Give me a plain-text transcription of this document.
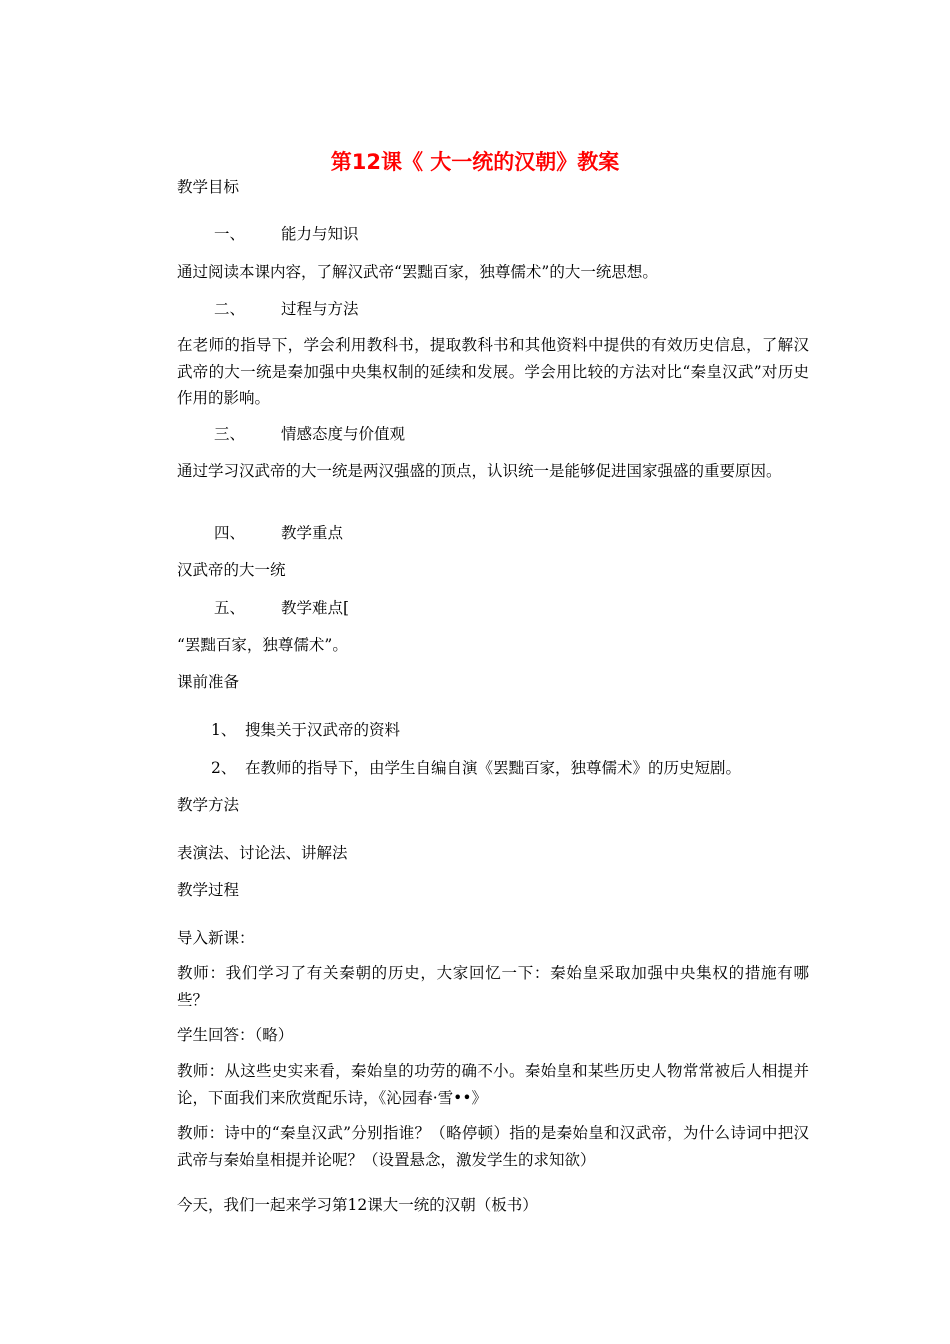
第12课《 大一统的汉朝》教案

教学目标

一、 能力与知识

通过阅读本课内容，了解汉武帝“罢黜百家，独尊儒术”的大一统思想。

二、 过程与方法

在老师的指导下，学会利用教科书，提取教科书和其他资料中提供的有效历史信息，了解汉武帝的大一统是秦加强中央集权制的延续和发展。学会用比较的方法对比“秦皇汉武”对历史作用的影响。

三、 情感态度与价值观

通过学习汉武帝的大一统是两汉强盛的顶点，认识统一是能够促进国家强盛的重要原因。

四、 教学重点

汉武帝的大一统

五、 教学难点[

“罢黜百家，独尊儒术”。

课前准备

1、 搜集关于汉武帝的资料
2、 在教师的指导下，由学生自编自演《罢黜百家，独尊儒术》的历史短剧。

教学方法

表演法、讨论法、讲解法

教学过程

导入新课：

教师：我们学习了有关秦朝的历史，大家回忆一下：秦始皇采取加强中央集权的措施有哪些？

学生回答：（略）

教师：从这些史实来看，秦始皇的功劳的确不小。秦始皇和某些历史人物常常被后人相提并论，下面我们来欣赏配乐诗，《沁园春·雪••》

教师：诗中的“秦皇汉武”分别指谁？（略停顿）指的是秦始皇和汉武帝，为什么诗词中把汉武帝与秦始皇相提并论呢？（设置悬念，激发学生的求知欲）

今天，我们一起来学习第12课大一统的汉朝（板书）
